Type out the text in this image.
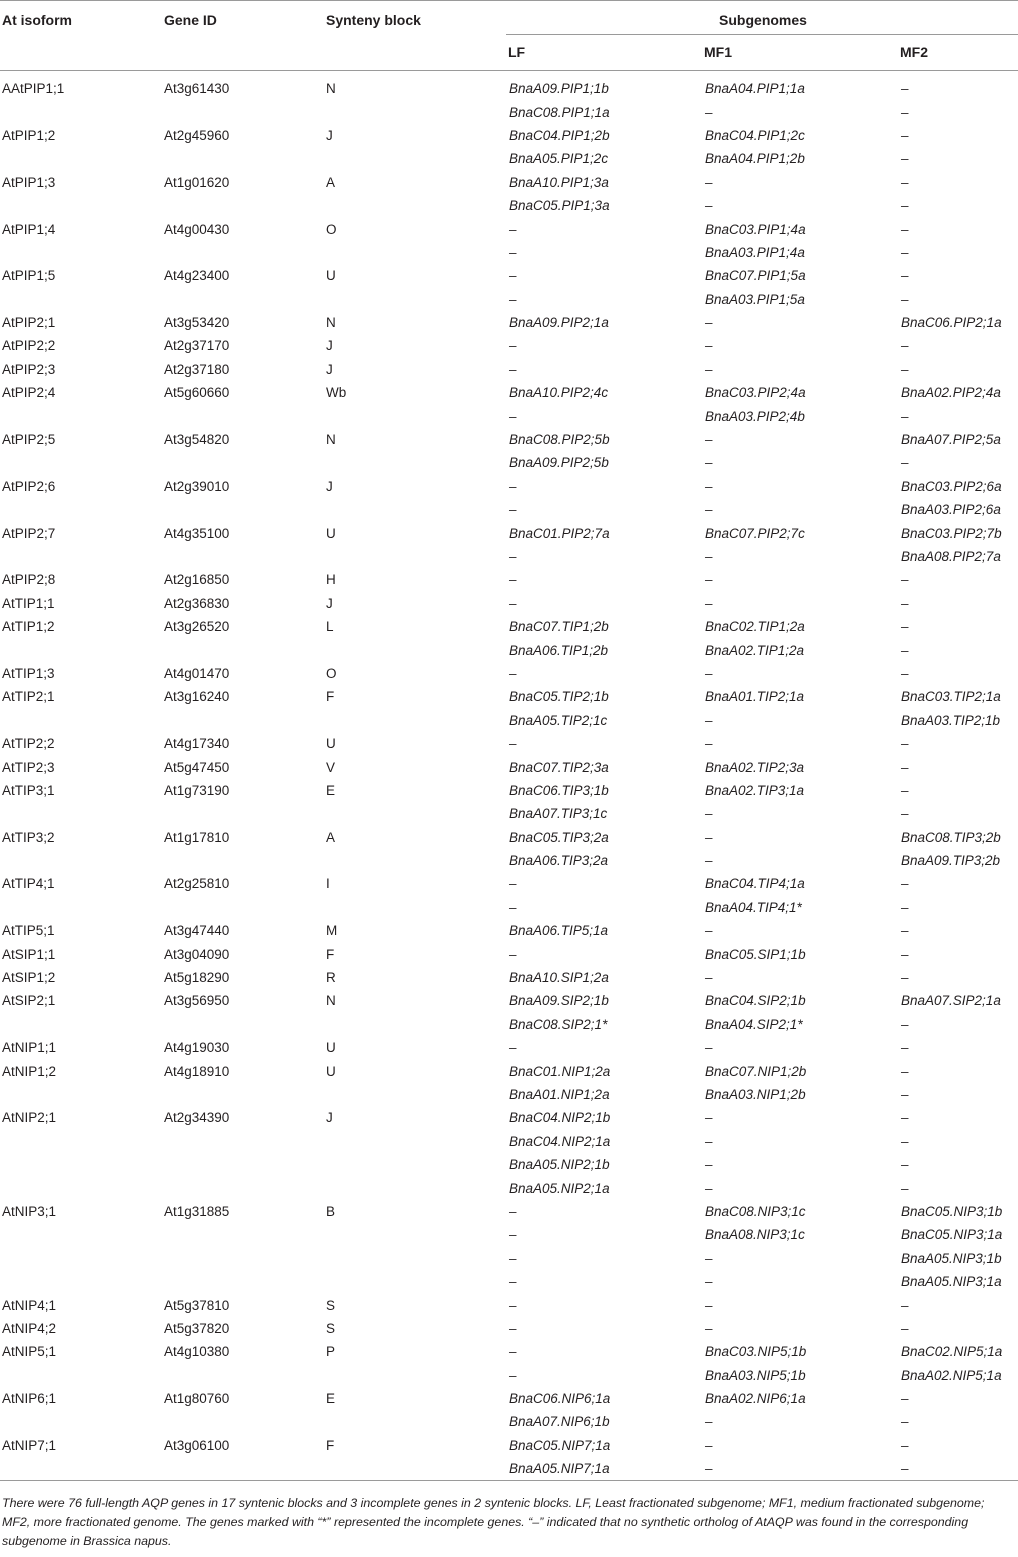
At isoform	Gene ID	Synteny block	Subgenomes		
			LF	MF1	MF2
AAtPIP1;1	At3g61430	N	BnaA09.PIP1;1b	BnaA04.PIP1;1a	–
			BnaC08.PIP1;1a	–	–
AtPIP1;2	At2g45960	J	BnaC04.PIP1;2b	BnaC04.PIP1;2c	–
			BnaA05.PIP1;2c	BnaA04.PIP1;2b	–
AtPIP1;3	At1g01620	A	BnaA10.PIP1;3a	–	–
			BnaC05.PIP1;3a	–	–
AtPIP1;4	At4g00430	O	–	BnaC03.PIP1;4a	–
			–	BnaA03.PIP1;4a	–
AtPIP1;5	At4g23400	U	–	BnaC07.PIP1;5a	–
			–	BnaA03.PIP1;5a	–
AtPIP2;1	At3g53420	N	BnaA09.PIP2;1a	–	BnaC06.PIP2;1a
AtPIP2;2	At2g37170	J	–	–	–
AtPIP2;3	At2g37180	J	–	–	–
AtPIP2;4	At5g60660	Wb	BnaA10.PIP2;4c	BnaC03.PIP2;4a	BnaA02.PIP2;4a
			–	BnaA03.PIP2;4b	–
AtPIP2;5	At3g54820	N	BnaC08.PIP2;5b	–	BnaA07.PIP2;5a
			BnaA09.PIP2;5b	–	–
AtPIP2;6	At2g39010	J	–	–	BnaC03.PIP2;6a
			–	–	BnaA03.PIP2;6a
AtPIP2;7	At4g35100	U	BnaC01.PIP2;7a	BnaC07.PIP2;7c	BnaC03.PIP2;7b
			–	–	BnaA08.PIP2;7a
AtPIP2;8	At2g16850	H	–	–	–
AtTIP1;1	At2g36830	J	–	–	–
AtTIP1;2	At3g26520	L	BnaC07.TIP1;2b	BnaC02.TIP1;2a	–
			BnaA06.TIP1;2b	BnaA02.TIP1;2a	–
AtTIP1;3	At4g01470	O	–	–	–
AtTIP2;1	At3g16240	F	BnaC05.TIP2;1b	BnaA01.TIP2;1a	BnaC03.TIP2;1a
			BnaA05.TIP2;1c	–	BnaA03.TIP2;1b
AtTIP2;2	At4g17340	U	–	–	–
AtTIP2;3	At5g47450	V	BnaC07.TIP2;3a	BnaA02.TIP2;3a	–
AtTIP3;1	At1g73190	E	BnaC06.TIP3;1b	BnaA02.TIP3;1a	–
			BnaA07.TIP3;1c	–	–
AtTIP3;2	At1g17810	A	BnaC05.TIP3;2a	–	BnaC08.TIP3;2b
			BnaA06.TIP3;2a	–	BnaA09.TIP3;2b
AtTIP4;1	At2g25810	I	–	BnaC04.TIP4;1a	–
			–	BnaA04.TIP4;1*	–
AtTIP5;1	At3g47440	M	BnaA06.TIP5;1a	–	–
AtSIP1;1	At3g04090	F	–	BnaC05.SIP1;1b	–
AtSIP1;2	At5g18290	R	BnaA10.SIP1;2a	–	–
AtSIP2;1	At3g56950	N	BnaA09.SIP2;1b	BnaC04.SIP2;1b	BnaA07.SIP2;1a
			BnaC08.SIP2;1*	BnaA04.SIP2;1*	–
AtNIP1;1	At4g19030	U	–	–	–
AtNIP1;2	At4g18910	U	BnaC01.NIP1;2a	BnaC07.NIP1;2b	–
			BnaA01.NIP1;2a	BnaA03.NIP1;2b	–
AtNIP2;1	At2g34390	J	BnaC04.NIP2;1b	–	–
			BnaC04.NIP2;1a	–	–
			BnaA05.NIP2;1b	–	–
			BnaA05.NIP2;1a	–	–
AtNIP3;1	At1g31885	B	–	BnaC08.NIP3;1c	BnaC05.NIP3;1b
			–	BnaA08.NIP3;1c	BnaC05.NIP3;1a
			–	–	BnaA05.NIP3;1b
			–	–	BnaA05.NIP3;1a
AtNIP4;1	At5g37810	S	–	–	–
AtNIP4;2	At5g37820	S	–	–	–
AtNIP5;1	At4g10380	P	–	BnaC03.NIP5;1b	BnaC02.NIP5;1a
			–	BnaA03.NIP5;1b	BnaA02.NIP5;1a
AtNIP6;1	At1g80760	E	BnaC06.NIP6;1a	BnaA02.NIP6;1a	–
			BnaA07.NIP6;1b	–	–
AtNIP7;1	At3g06100	F	BnaC05.NIP7;1a	–	–
			BnaA05.NIP7;1a	–	–
There were 76 full-length AQP genes in 17 syntenic blocks and 3 incomplete genes in 2 syntenic blocks. LF, Least fractionated subgenome; MF1, medium fractionated subgenome; MF2, more fractionated genome. The genes marked with “*” represented the incomplete genes. “–” indicated that no synthetic ortholog of AtAQP was found in the corresponding subgenome in Brassica napus.
